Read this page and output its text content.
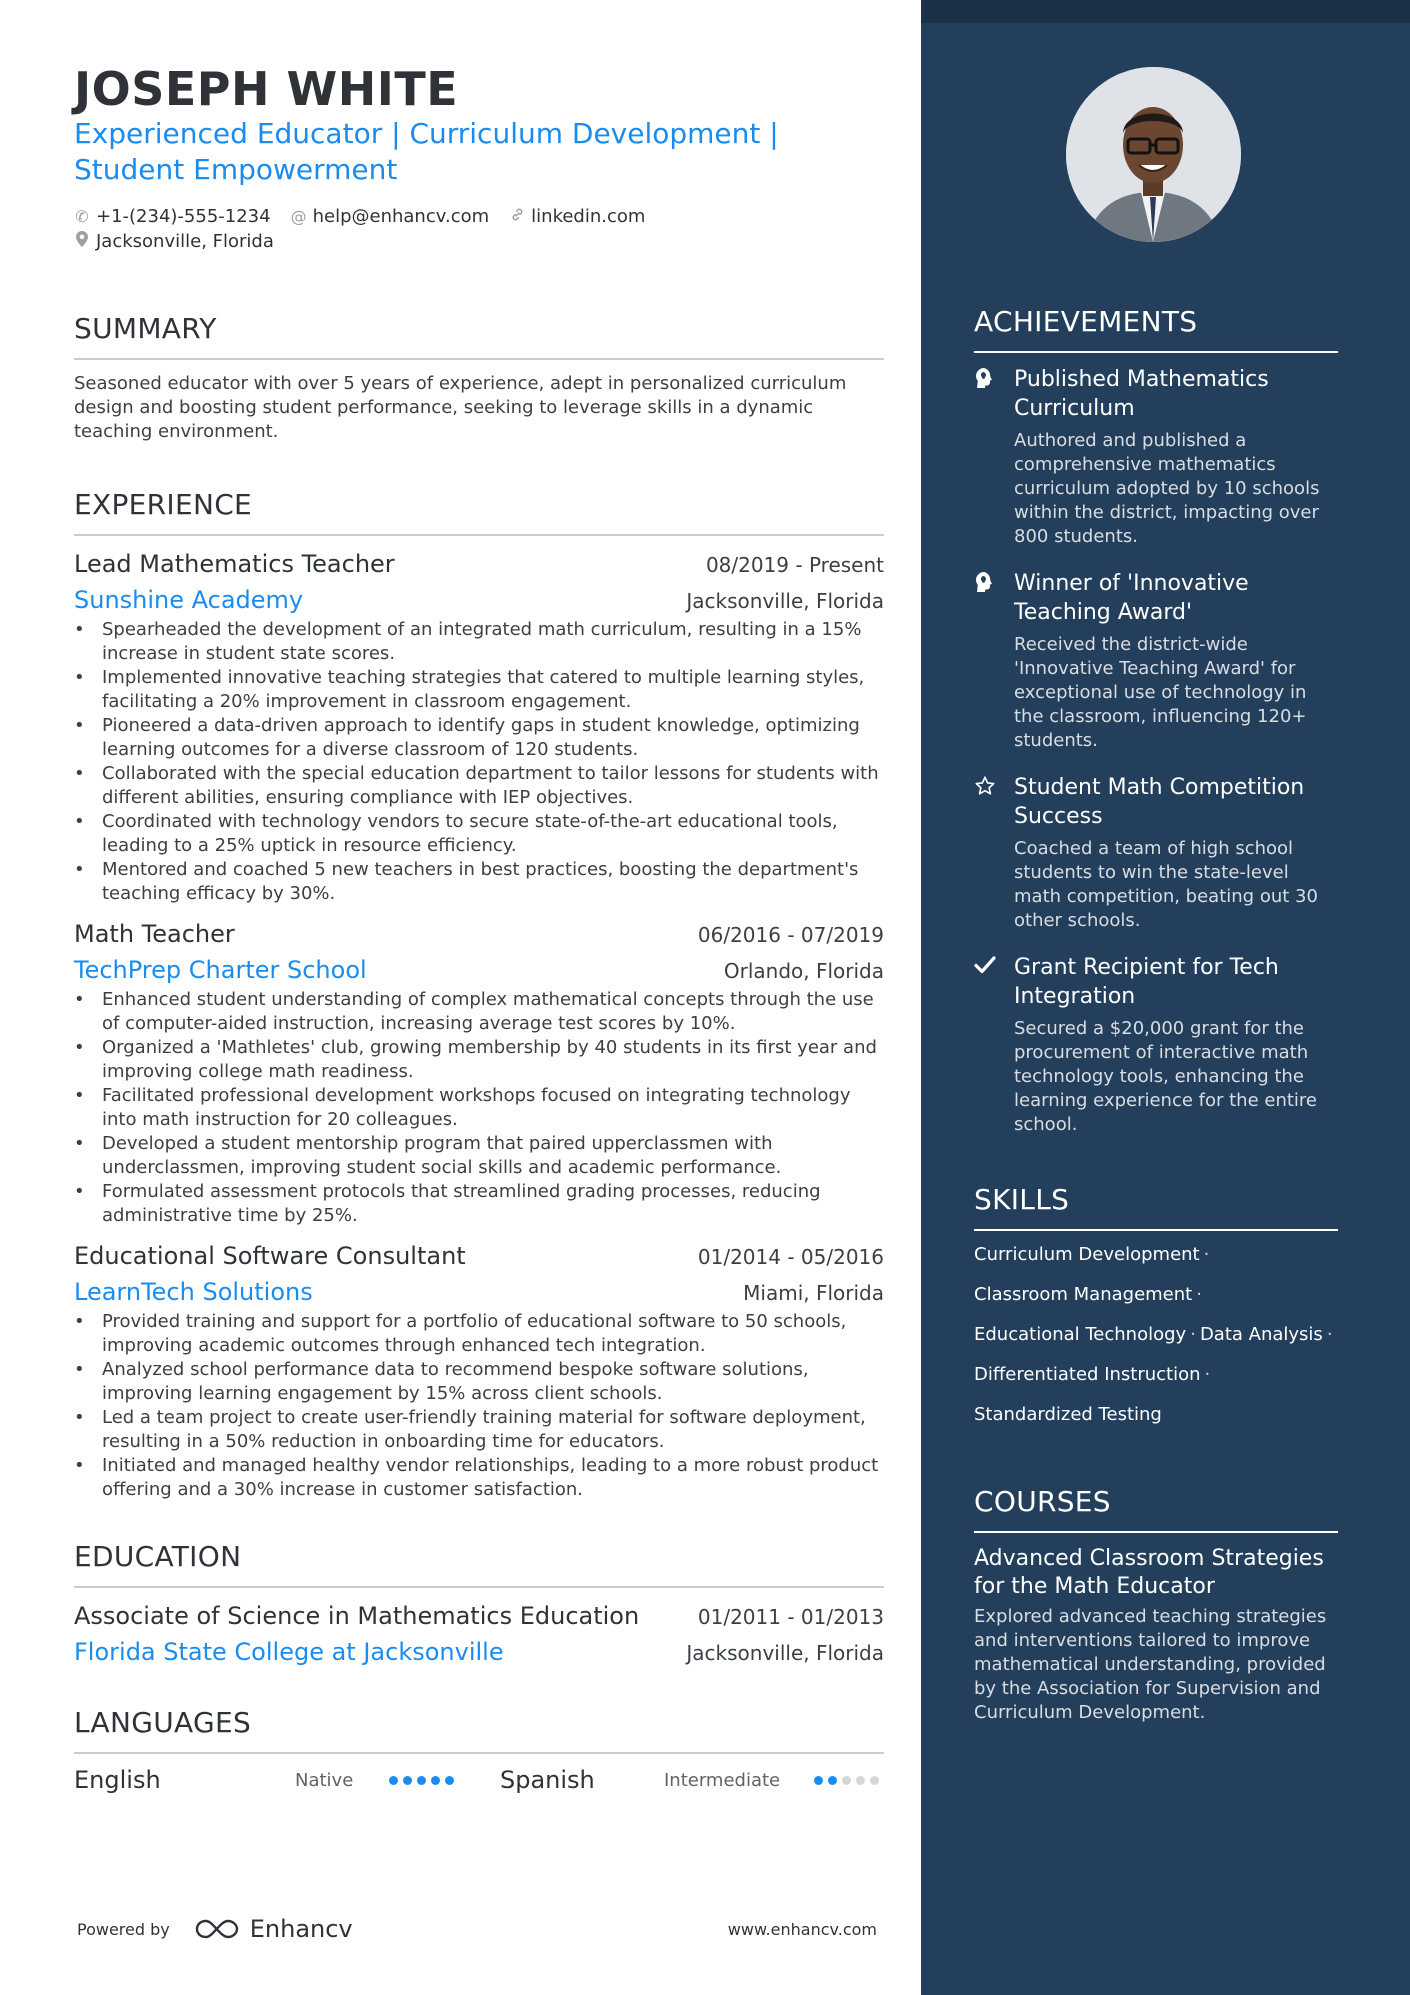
JOSEPH WHITE
Experienced Educator | Curriculum Development | Student Empowerment
✆ +1-(234)-555-1234 @ help@enhancv.com linkedin.com
Jacksonville, Florida
SUMMARY
Seasoned educator with over 5 years of experience, adept in personalized curriculum design and boosting student performance, seeking to leverage skills in a dynamic teaching environment.
EXPERIENCE
Lead Mathematics Teacher	08/2019 - Present
Sunshine Academy	Jacksonville, Florida
• Spearheaded the development of an integrated math curriculum, resulting in a 15% increase in student state scores.
• Implemented innovative teaching strategies that catered to multiple learning styles, facilitating a 20% improvement in classroom engagement.
• Pioneered a data-driven approach to identify gaps in student knowledge, optimizing learning outcomes for a diverse classroom of 120 students.
• Collaborated with the special education department to tailor lessons for students with different abilities, ensuring compliance with IEP objectives.
• Coordinated with technology vendors to secure state-of-the-art educational tools, leading to a 25% uptick in resource efficiency.
• Mentored and coached 5 new teachers in best practices, boosting the department's teaching efficacy by 30%.
Math Teacher	06/2016 - 07/2019
TechPrep Charter School	Orlando, Florida
• Enhanced student understanding of complex mathematical concepts through the use of computer-aided instruction, increasing average test scores by 10%.
• Organized a 'Mathletes' club, growing membership by 40 students in its first year and improving college math readiness.
• Facilitated professional development workshops focused on integrating technology into math instruction for 20 colleagues.
• Developed a student mentorship program that paired upperclassmen with underclassmen, improving student social skills and academic performance.
• Formulated assessment protocols that streamlined grading processes, reducing administrative time by 25%.
Educational Software Consultant	01/2014 - 05/2016
LearnTech Solutions	Miami, Florida
• Provided training and support for a portfolio of educational software to 50 schools, improving academic outcomes through enhanced tech integration.
• Analyzed school performance data to recommend bespoke software solutions, improving learning engagement by 15% across client schools.
• Led a team project to create user-friendly training material for software deployment, resulting in a 50% reduction in onboarding time for educators.
• Initiated and managed healthy vendor relationships, leading to a more robust product offering and a 30% increase in customer satisfaction.
EDUCATION
Associate of Science in Mathematics Education	01/2011 - 01/2013
Florida State College at Jacksonville	Jacksonville, Florida
LANGUAGES
English	Native	Spanish	Intermediate
Powered by	Enhancv	www.enhancv.com
ACHIEVEMENTS
Published Mathematics Curriculum
Authored and published a comprehensive mathematics curriculum adopted by 10 schools within the district, impacting over 800 students.
Winner of 'Innovative Teaching Award'
Received the district-wide 'Innovative Teaching Award' for exceptional use of technology in the classroom, influencing 120+ students.
Student Math Competition Success
Coached a team of high school students to win the state-level math competition, beating out 30 other schools.
Grant Recipient for Tech Integration
Secured a $20,000 grant for the procurement of interactive math technology tools, enhancing the learning experience for the entire school.
SKILLS
Curriculum Development ·
Classroom Management ·
Educational Technology · Data Analysis ·
Differentiated Instruction ·
Standardized Testing
COURSES
Advanced Classroom Strategies for the Math Educator
Explored advanced teaching strategies and interventions tailored to improve mathematical understanding, provided by the Association for Supervision and Curriculum Development.
